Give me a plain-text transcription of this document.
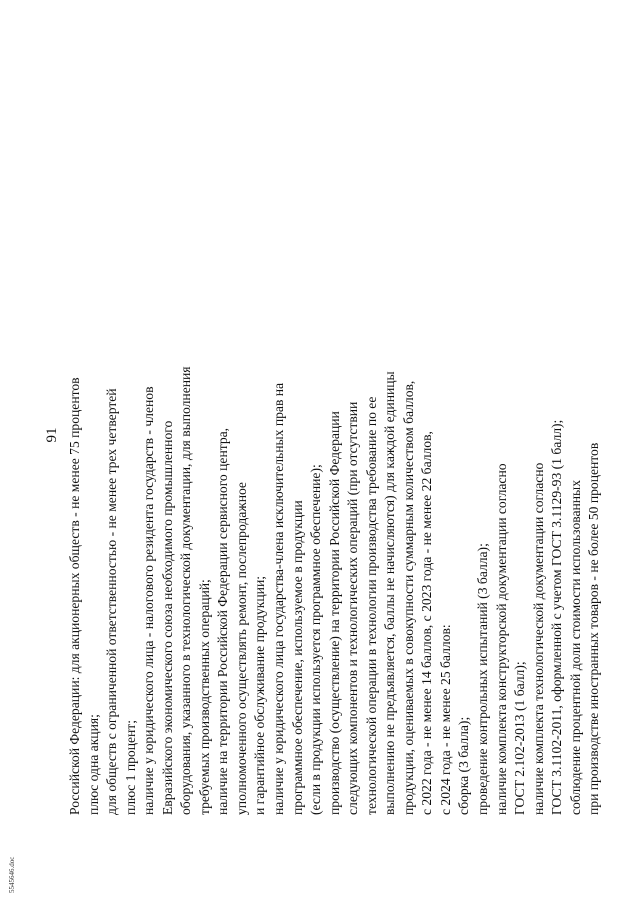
91 Российской Федерации: для акционерных обществ - не менее 75 процентов плюс одна акция; для обществ с ограниченной ответственностью - не менее трех четвертей плюс 1 процент; наличие у юридического лица - налогового резидента государств - членов Евразийского экономического союза необходимого промышленного оборудования, указанного в технологической документации, для выполнения требуемых производственных операций; наличие на территории Российской Федерации сервисного центра, уполномоченного осуществлять ремонт, послепродажное и гарантийное обслуживание продукции; наличие у юридического лица государства-члена исключительных прав на программное обеспечение, используемое в продукции (если в продукции используется программное обеспечение); производство (осуществление) на территории Российской Федерации следующих компонентов и технологических операций (при отсутствии технологической операции в технологии производства требование по ее выполнению не предъявляется, баллы не начисляются) для каждой единицы продукции, оцениваемых в совокупности суммарным количеством баллов, с 2022 года - не менее 14 баллов, с 2023 года - не менее 22 баллов, с 2024 года - не менее 25 баллов: сборка (3 балла); проведение контрольных испытаний (3 балла); наличие комплекта конструкторской документации согласно ГОСТ 2.102-2013 (1 балл); наличие комплекта технологической документации согласно ГОСТ 3.1102-2011, оформленной с учетом ГОСТ 3.1129-93 (1 балл); соблюдение процентной доли стоимости использованных при производстве иностранных товаров - не более 50 процентов
5545646.doc
